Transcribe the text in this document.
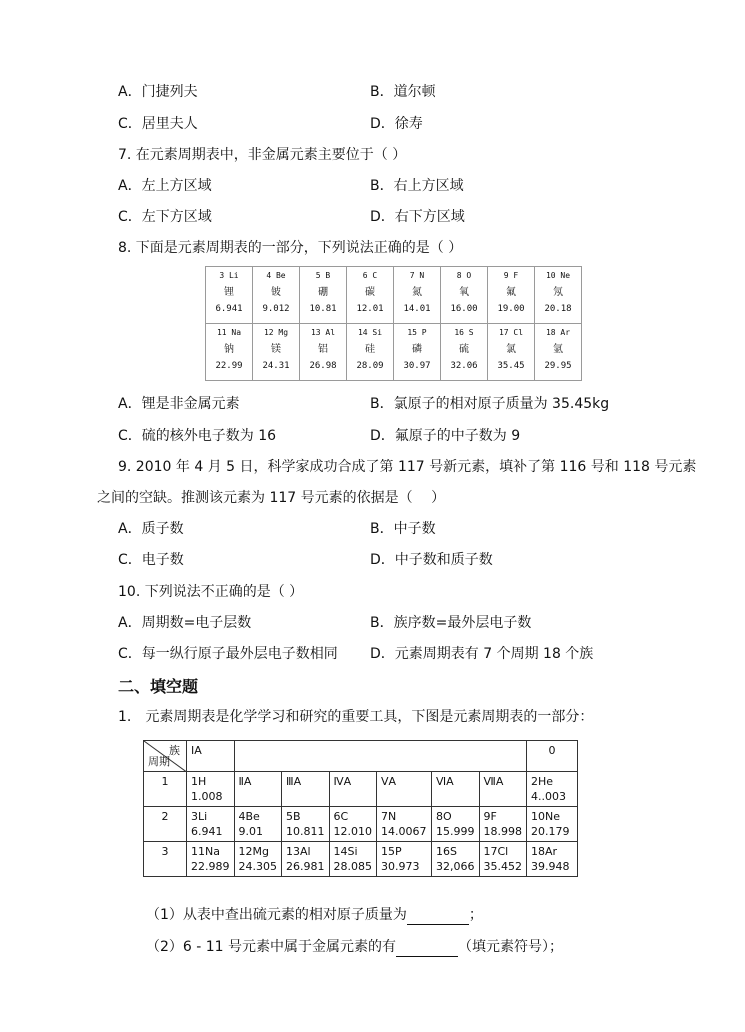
A．门捷列夫	B．道尔顿
C．居里夫人	D．徐寿
7. 在元素周期表中，非金属元素主要位于（ ）
A．左上方区域	B．右上方区域
C．左下方区域	D．右下方区域
8. 下面是元素周期表的一部分，下列说法正确的是（ ）
3 Li
锂
6.941	4 Be
铍
9.012	5 B
硼
10.81	6 C
碳
12.01	7 N
氮
14.01	8 O
氧
16.00	9 F
氟
19.00	10 Ne
氖
20.18

11 Na
钠
22.99	12 Mg
镁
24.31	13 Al
铝
26.98	14 Si
硅
28.09	15 P
磷
30.97	16 S
硫
32.06	17 Cl
氯
35.45	18 Ar
氩
29.95
A．锂是非金属元素	B．氯原子的相对原子质量为 35.45kg
C．硫的核外电子数为 16	D．氟原子的中子数为 9
9. 2010 年 4 月 5 日，科学家成功合成了第 117 号新元素，填补了第 116 号和 118 号元素
之间的空缺。推测该元素为 117 号元素的依据是（　 ）
A．质子数	B．中子数
C．电子数	D．中子数和质子数
10. 下列说法不正确的是（ ）
A．周期数=电子层数	B．族序数=最外层电子数
C．每一纵行原子最外层电子数相同 D．元素周期表有 7 个周期 18 个族
二、填空题
1.　元素周期表是化学学习和研究的重要工具，下图是元素周期表的一部分：
族
周期	ⅠA							0
1	1H
1.008	ⅡA	ⅢA	ⅣA	ⅤA	ⅥA	ⅦA	2He
4..003
2	3Li
6.941	4Be
9.01	5B
10.811	6C
12.010	7N
14.0067	8O
15.999	9F
18.998	10Ne
20.179
3	11Na
22.989	12Mg
24.305	13Al
26.981	14Si
28.085	15P
30.973	16S
32,066	17Cl
35.452	18Ar
39.948
（1）从表中查出硫元素的相对原子质量为	；
（2）6 - 11 号元素中属于金属元素的有	（填元素符号）；
